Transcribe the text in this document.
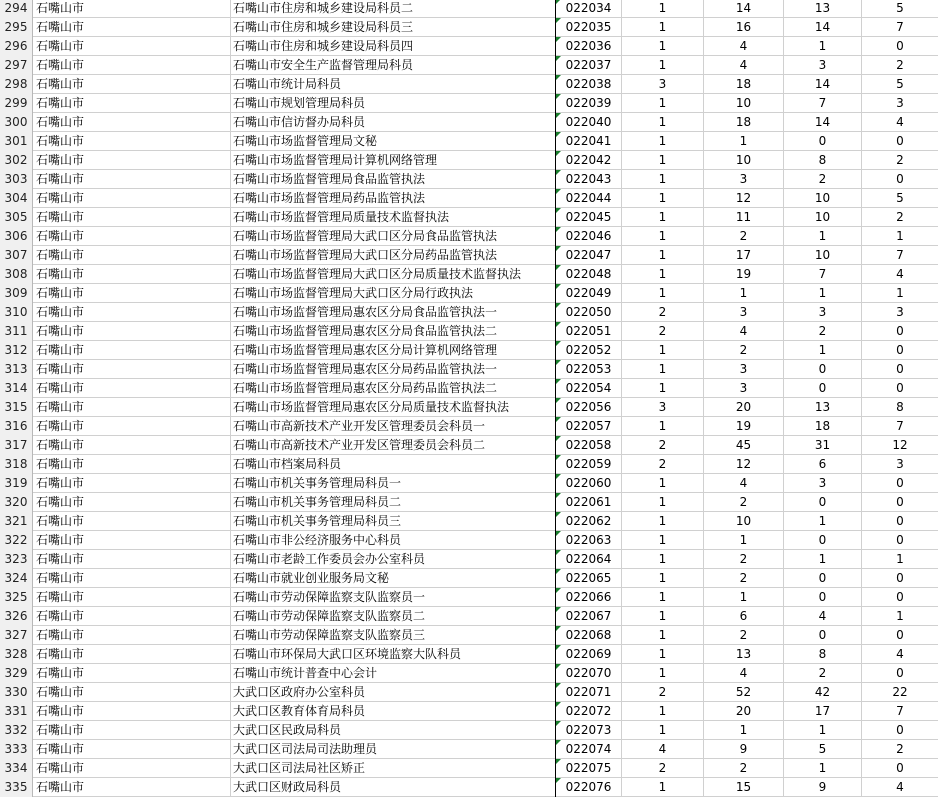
294 石嘴山市	石嘴山市住房和城乡建设局科员二	022034	1	14	13	5
295 石嘴山市	石嘴山市住房和城乡建设局科员三	022035	1	16	14	7
296 石嘴山市	石嘴山市住房和城乡建设局科员四	022036	1	4	1	0
297 石嘴山市	石嘴山市安全生产监督管理局科员	022037	1	4	3	2
298 石嘴山市	石嘴山市统计局科员	022038	3	18	14	5
299 石嘴山市	石嘴山市规划管理局科员	022039	1	10	7	3
300 石嘴山市	石嘴山市信访督办局科员	022040	1	18	14	4
301 石嘴山市	石嘴山市场监督管理局文秘	022041	1	1	0	0
302 石嘴山市	石嘴山市场监督管理局计算机网络管理	022042	1	10	8	2
303 石嘴山市	石嘴山市场监督管理局食品监管执法	022043	1	3	2	0
304 石嘴山市	石嘴山市场监督管理局药品监管执法	022044	1	12	10	5
305 石嘴山市	石嘴山市场监督管理局质量技术监督执法	022045	1	11	10	2
306 石嘴山市	石嘴山市场监督管理局大武口区分局食品监管执法	022046	1	2	1	1
307 石嘴山市	石嘴山市场监督管理局大武口区分局药品监管执法	022047	1	17	10	7
308 石嘴山市	石嘴山市场监督管理局大武口区分局质量技术监督执法	022048	1	19	7	4
309 石嘴山市	石嘴山市场监督管理局大武口区分局行政执法	022049	1	1	1	1
310 石嘴山市	石嘴山市场监督管理局惠农区分局食品监管执法一	022050	2	3	3	3
311 石嘴山市	石嘴山市场监督管理局惠农区分局食品监管执法二	022051	2	4	2	0
312 石嘴山市	石嘴山市场监督管理局惠农区分局计算机网络管理	022052	1	2	1	0
313 石嘴山市	石嘴山市场监督管理局惠农区分局药品监管执法一	022053	1	3	0	0
314 石嘴山市	石嘴山市场监督管理局惠农区分局药品监管执法二	022054	1	3	0	0
315 石嘴山市	石嘴山市场监督管理局惠农区分局质量技术监督执法	022056	3	20	13	8
316 石嘴山市	石嘴山市高新技术产业开发区管理委员会科员一	022057	1	19	18	7
317 石嘴山市	石嘴山市高新技术产业开发区管理委员会科员二	022058	2	45	31	12
318 石嘴山市	石嘴山市档案局科员	022059	2	12	6	3
319 石嘴山市	石嘴山市机关事务管理局科员一	022060	1	4	3	0
320 石嘴山市	石嘴山市机关事务管理局科员二	022061	1	2	0	0
321 石嘴山市	石嘴山市机关事务管理局科员三	022062	1	10	1	0
322 石嘴山市	石嘴山市非公经济服务中心科员	022063	1	1	0	0
323 石嘴山市	石嘴山市老龄工作委员会办公室科员	022064	1	2	1	1
324 石嘴山市	石嘴山市就业创业服务局文秘	022065	1	2	0	0
325 石嘴山市	石嘴山市劳动保障监察支队监察员一	022066	1	1	0	0
326 石嘴山市	石嘴山市劳动保障监察支队监察员二	022067	1	6	4	1
327 石嘴山市	石嘴山市劳动保障监察支队监察员三	022068	1	2	0	0
328 石嘴山市	石嘴山市环保局大武口区环境监察大队科员	022069	1	13	8	4
329 石嘴山市	石嘴山市统计普查中心会计	022070	1	4	2	0
330 石嘴山市	大武口区政府办公室科员	022071	2	52	42	22
331 石嘴山市	大武口区教育体育局科员	022072	1	20	17	7
332 石嘴山市	大武口区民政局科员	022073	1	1	1	0
333 石嘴山市	大武口区司法局司法助理员	022074	4	9	5	2
334 石嘴山市	大武口区司法局社区矫正	022075	2	2	1	0
335 石嘴山市	大武口区财政局科员	022076	1	15	9	4
